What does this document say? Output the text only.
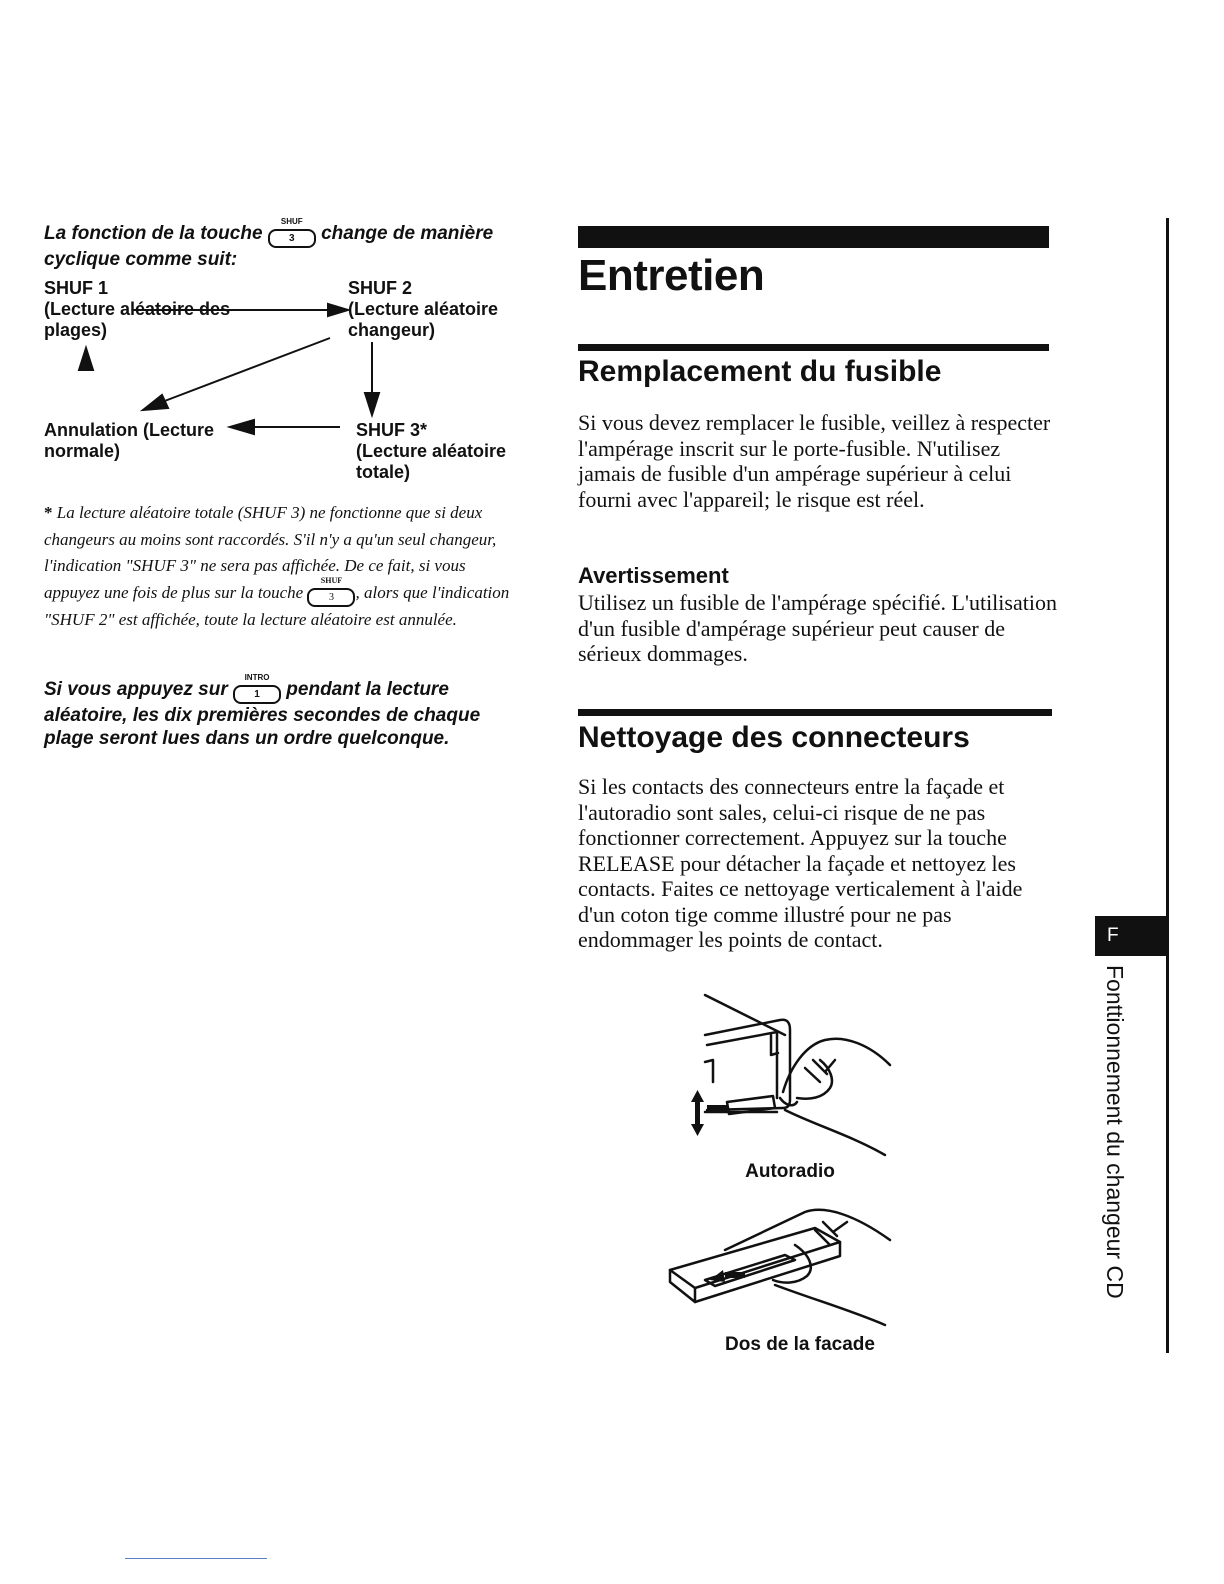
La fonction de la touche
SHUF
3 change de manière cyclique comme suit:
SHUF 1
(Lecture aléatoire des plages)
SHUF 2
(Lecture aléatoire changeur)
Annulation (Lecture normale)
SHUF 3*
(Lecture aléatoire totale)
* La lecture aléatoire totale (SHUF 3) ne fonctionne que si deux changeurs au moins sont raccordés. S'il n'y a qu'un seul changeur, l'indication "SHUF 3" ne sera pas affichée. De ce fait, si vous appuyez une fois de plus sur la touche
SHUF
3 , alors que l'indication "SHUF 2" est affichée, toute la lecture aléatoire est annulée.
Si vous appuyez sur
INTRO
1 pendant la lecture aléatoire, les dix premières secondes de chaque plage seront lues dans un ordre quelconque.
Entretien
Remplacement du fusible
Si vous devez remplacer le fusible, veillez à respecter l'ampérage inscrit sur le porte-fusible. N'utilisez jamais de fusible d'un ampérage supérieur à celui fourni avec l'appareil; le risque est réel.
Avertissement
Utilisez un fusible de l'ampérage spécifié. L'utilisation d'un fusible d'ampérage supérieur peut causer de sérieux dommages.
Nettoyage des connecteurs
Si les contacts des connecteurs entre la façade et l'autoradio sont sales, celui-ci risque de ne pas fonctionner correctement. Appuyez sur la touche RELEASE pour détacher la façade et nettoyez les contacts. Faites ce nettoyage verticalement à l'aide d'un coton tige comme illustré pour ne pas endommager les points de contact.
Autoradio
Dos de la facade
F
Fonttionnement du changeur CD
